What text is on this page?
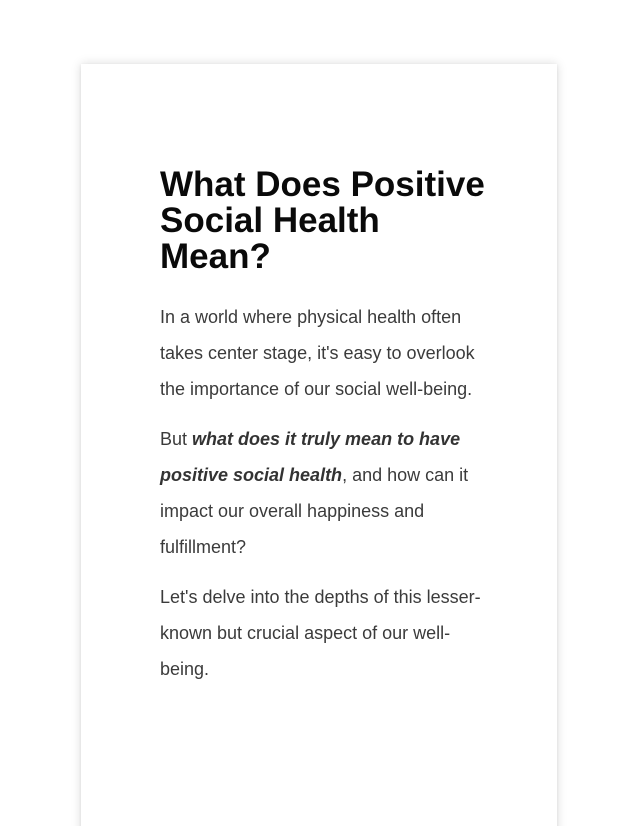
What Does Positive Social Health Mean?

In a world where physical health often takes center stage, it's easy to overlook the importance of our social well-being.

But what does it truly mean to have positive social health, and how can it impact our overall happiness and fulfillment?

Let's delve into the depths of this lesser-known but crucial aspect of our well-being.
